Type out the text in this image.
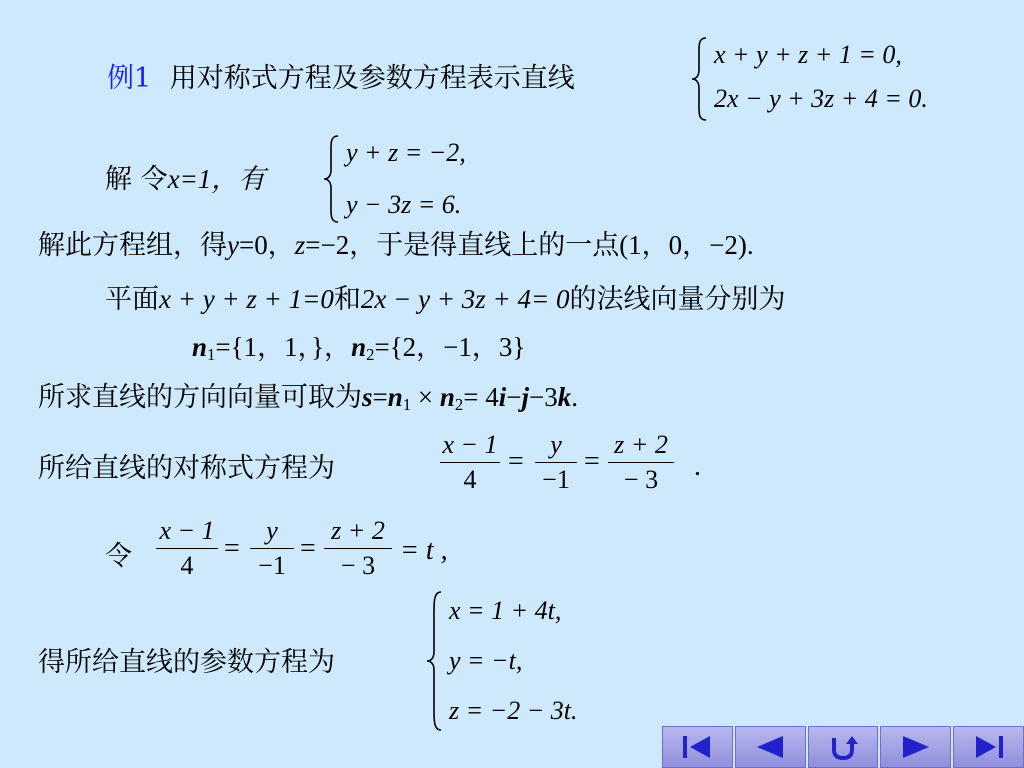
例1 用对称式方程及参数方程表示直线
x + y + z + 1 = 0,
2x − y + 3z + 4 = 0.
解 令x=1，有
y + z = −2,
y − 3z = 6.
解此方程组，得y=0，z=−2，于是得直线上的一点(1，0，−2).
平面x + y + z + 1=0和2x − y + 3z + 4= 0的法线向量分别为
$n_1=\{1$，1，}，$n_2=\{2$，−1，3}
所求直线的方向向量可取为$s=n_1 \times n_2= 4i-j-3k$.
所给直线的对称式方程为
x − 1
4
=
y
−1
=
z + 2
− 3	.
令
x − 1
4
=
y
−1
=
z + 2
− 3 = t ,
得所给直线的参数方程为
x = 1 + 4t,
y = −t,
z = −2 − 3t.
